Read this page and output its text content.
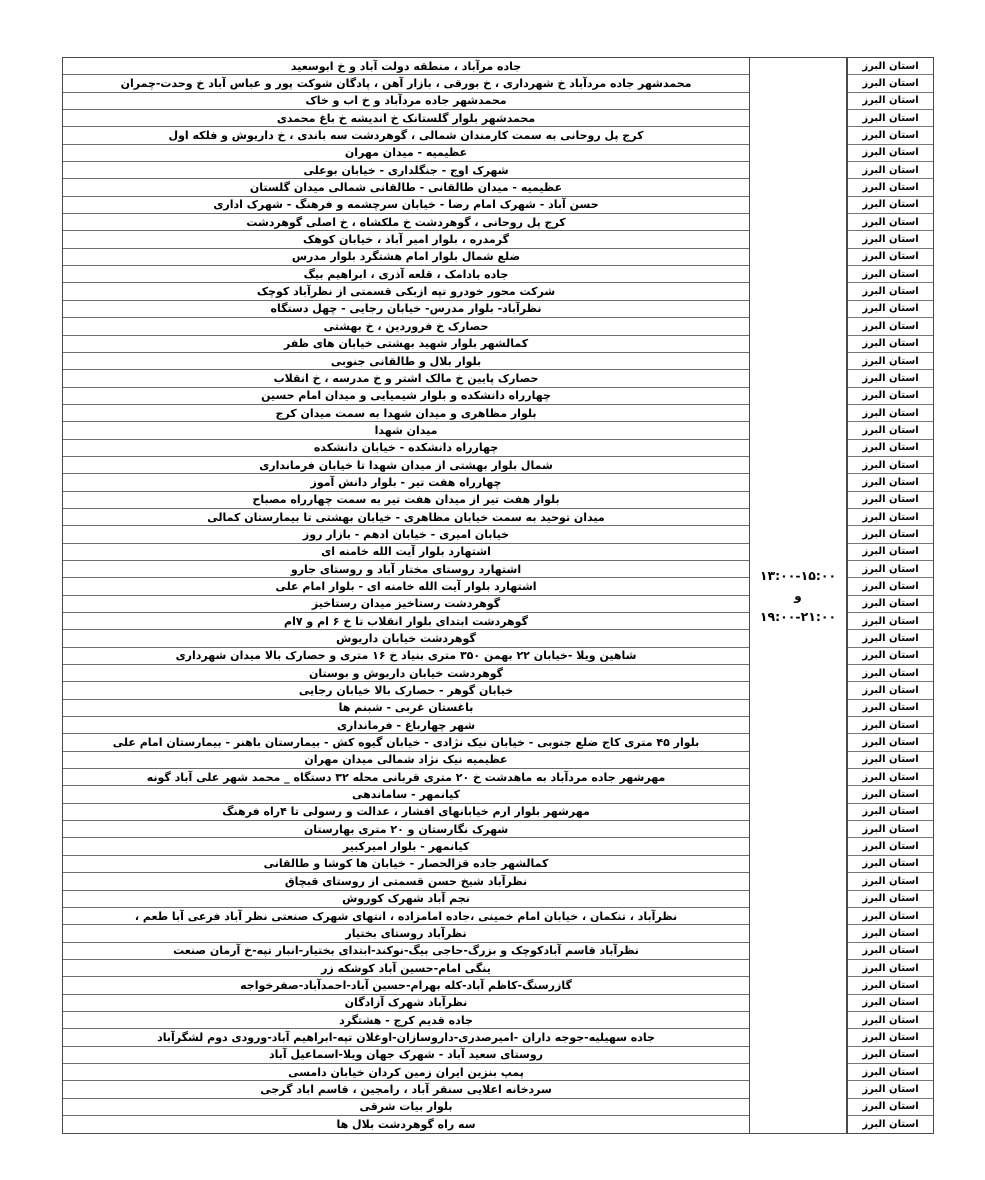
جاده مرآباد ، منطقه دولت آباد و خ ابوسعید
محمدشهر جاده مردآباد خ شهرداری ، خ بورقی ، بازار آهن ، پادگان شوکت پور و عباس آباد خ وحدت-چمران
محمدشهر جاده مردآباد و خ اب و خاک
محمدشهر بلوار گلستانک خ اندیشه خ باغ محمدی
کرج پل روحانی به سمت کارمندان شمالی ، گوهردشت سه باندی ، خ داریوش و فلکه اول
عظیمیه - میدان مهران
شهرک اوج - جنگلداری - خیابان بوعلی
عظیمیه - میدان طالقانی - طالقانی شمالی میدان گلستان
حسن آباد - شهرک امام رضا - خیابان سرچشمه و فرهنگ - شهرک اداری
کرج پل روحانی ، گوهردشت خ ملکشاه ، خ اصلی گوهردشت
گرمدره ، بلوار امیر آباد ، خیابان کوهک
ضلع شمال بلوار امام هشتگرد بلوار مدرس
جاده بادامک ، قلعه آذری ، ابراهیم بیگ
شرکت محور خودرو تپه ازبکی قسمتی از نظرآباد کوچک
نظرآباد- بلوار مدرس- خیابان رجایی - چهل دستگاه
حصارک خ فروردین ، خ بهشتی
کمالشهر بلوار شهید بهشتی خیابان های ظفر
بلوار بلال و طالقانی جنوبی
حصارک پایین خ مالک اشتر و خ مدرسه ، خ انقلاب
چهارراه دانشکده و بلوار شیمیایی و میدان امام حسین
بلوار مظاهری و میدان شهدا به سمت میدان کرج
میدان شهدا
چهارراه دانشکده - خیابان دانشکده
شمال بلوار بهشتی از میدان شهدا تا خیابان فرمانداری
چهارراه هفت تیر - بلوار دانش آموز
بلوار هفت تیر از میدان هفت تیر به سمت چهارراه مصباح
میدان توحید به سمت خیابان مظاهری - خیابان بهشتی تا بیمارستان کمالی
خیابان امیری - خیابان ادهم - بازار روز
اشتهارد بلوار آیت الله خامنه ای
اشتهارد روستای مختار آباد و روستای جارو
اشتهارد بلوار آیت الله خامنه ای - بلوار امام علی
گوهردشت رستاخیز میدان رستاخیز
گوهردشت ابتدای بلوار انقلاب تا خ ۶ ام و ۷ام
گوهردشت خیابان داریوش
شاهین ویلا -خیابان ۲۲ بهمن ۳۵۰ متری بنیاد خ ۱۶ متری و حصارک بالا میدان شهرداری
گوهردشت خیابان داریوش و بوستان
خیابان گوهر - حصارک بالا خیابان رجایی
باغستان غربی - شبنم ها
شهر چهارباغ - فرمانداری
بلوار ۴۵ متری کاج ضلع جنوبی - خیابان نیک نژادی - خیابان گیوه کش - بیمارستان باهنر - بیمارستان امام علی
عظیمیه نیک نژاد شمالی میدان مهران
مهرشهر جاده مردآباد به ماهدشت خ ۲۰ متری قربانی محله ۳۲ دستگاه _ محمد شهر علی آباد گونه
کیانمهر - ساماندهی
مهرشهر بلوار ارم خیابانهای افشار ، عدالت و رسولی تا ۴راه فرهنگ
شهرک نگارستان و ۲۰ متری بهارستان
کیانمهر - بلوار امیرکبیر
کمالشهر جاده قزالحصار - خیابان ها کوشا و طالقانی
نظرآباد شیخ حسن قسمتی از روستای قبچاق
نجم آباد شهرک کوروش
نظرآباد ، تنکمان ، خیابان امام خمینی ،جاده امامزاده ، انتهای شهرک صنعتی نظر آباد فرعی آبا طعم ،
نظرآباد روستای بختیار
نظرآباد قاسم آبادکوچک و بزرگ-حاجی بیگ-نوکند-ابتدای بختیار-انبار تپه-خ آرمان صنعت
ینگی امام-حسین آباد کوشکه زر
گازرسنگ-کاظم آباد-کله بهرام-حسین آباد-احمدآباد-صفرخواجه
نظرآباد شهرک آزادگان
جاده قدیم کرج - هشتگرد
جاده سهیلیه-جوجه داران -امیرصدری-داروسازان-اوغلان تپه-ابراهیم آباد-ورودی دوم لشگرآباد
روستای سعید آباد - شهرک جهان ویلا-اسماعیل آباد
پمپ بنزین ایران زمین کردان خیابان دامسی
سردخانه اعلایی سنقر آباد ، رامجین ، قاسم اباد گرجی
بلوار بیات شرقی
سه راه گوهردشت بلال ها
۱۳:۰۰-۱۵:۰۰
و
۱۹:۰۰-۲۱:۰۰
استان البرز
استان البرز
استان البرز
استان البرز
استان البرز
استان البرز
استان البرز
استان البرز
استان البرز
استان البرز
استان البرز
استان البرز
استان البرز
استان البرز
استان البرز
استان البرز
استان البرز
استان البرز
استان البرز
استان البرز
استان البرز
استان البرز
استان البرز
استان البرز
استان البرز
استان البرز
استان البرز
استان البرز
استان البرز
استان البرز
استان البرز
استان البرز
استان البرز
استان البرز
استان البرز
استان البرز
استان البرز
استان البرز
استان البرز
استان البرز
استان البرز
استان البرز
استان البرز
استان البرز
استان البرز
استان البرز
استان البرز
استان البرز
استان البرز
استان البرز
استان البرز
استان البرز
استان البرز
استان البرز
استان البرز
استان البرز
استان البرز
استان البرز
استان البرز
استان البرز
استان البرز
استان البرز
